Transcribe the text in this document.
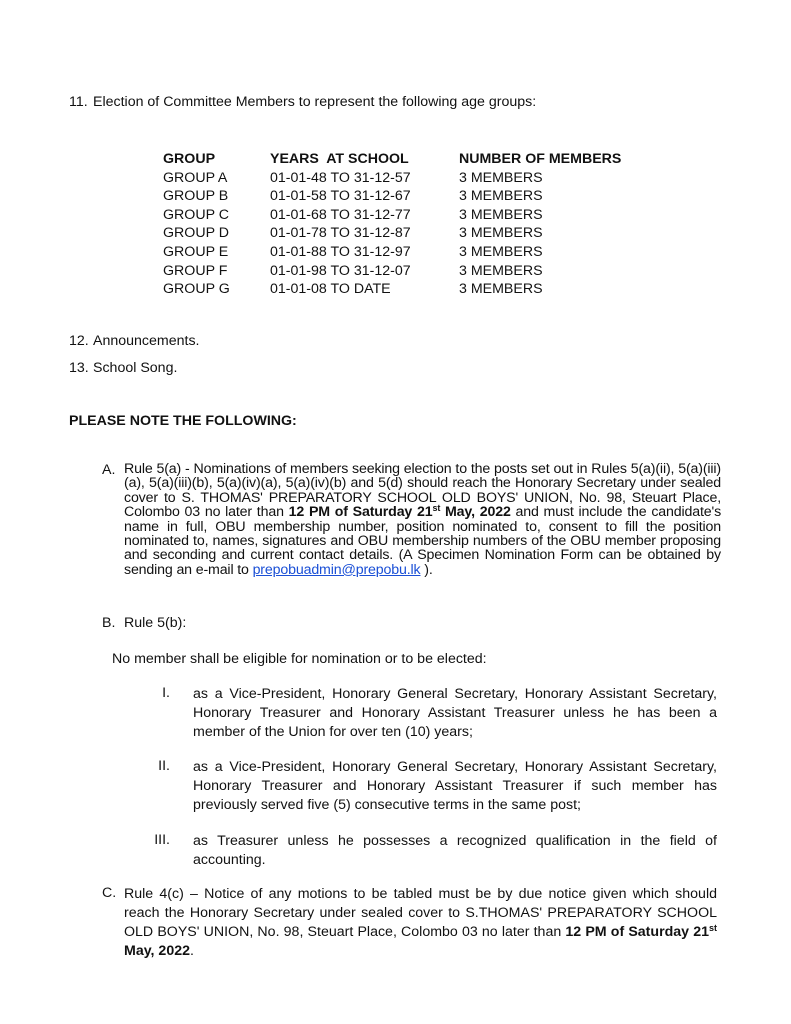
11. Election of Committee Members to represent the following age groups:
GROUP	YEARS  AT SCHOOL	NUMBER OF MEMBERS
GROUP A	01-01-48 TO 31-12-57	3 MEMBERS
GROUP B	01-01-58 TO 31-12-67	3 MEMBERS
GROUP C	01-01-68 TO 31-12-77	3 MEMBERS
GROUP D	01-01-78 TO 31-12-87	3 MEMBERS
GROUP E	01-01-88 TO 31-12-97	3 MEMBERS
GROUP F	01-01-98 TO 31-12-07	3 MEMBERS
GROUP G	01-01-08 TO DATE	3 MEMBERS
12. Announcements.
13. School Song.
PLEASE NOTE THE FOLLOWING:
A. Rule 5(a) - Nominations of members seeking election to the posts set out in Rules 5(a)(ii), 5(a)(iii)(a), 5(a)(iii)(b), 5(a)(iv)(a), 5(a)(iv)(b) and 5(d) should reach the Honorary Secretary under sealed cover to S. THOMAS' PREPARATORY SCHOOL OLD BOYS' UNION, No. 98, Steuart Place, Colombo 03 no later than 12 PM of Saturday 21st May, 2022 and must include the candidate's name in full, OBU membership number, position nominated to, consent to fill the position nominated to, names, signatures and OBU membership numbers of the OBU member proposing and seconding and current contact details. (A Specimen Nomination Form can be obtained by sending an e-mail to prepobuadmin@prepobu.lk ).
B. Rule 5(b):
No member shall be eligible for nomination or to be elected:
I. as a Vice-President, Honorary General Secretary, Honorary Assistant Secretary, Honorary Treasurer and Honorary Assistant Treasurer unless he has been a member of the Union for over ten (10) years;
II. as a Vice-President, Honorary General Secretary, Honorary Assistant Secretary, Honorary Treasurer and Honorary Assistant Treasurer if such member has previously served five (5) consecutive terms in the same post;
III. as Treasurer unless he possesses a recognized qualification in the field of accounting.
C. Rule 4(c) – Notice of any motions to be tabled must be by due notice given which should reach the Honorary Secretary under sealed cover to S.THOMAS' PREPARATORY SCHOOL OLD BOYS' UNION, No. 98, Steuart Place, Colombo 03 no later than 12 PM of Saturday 21st May, 2022.
